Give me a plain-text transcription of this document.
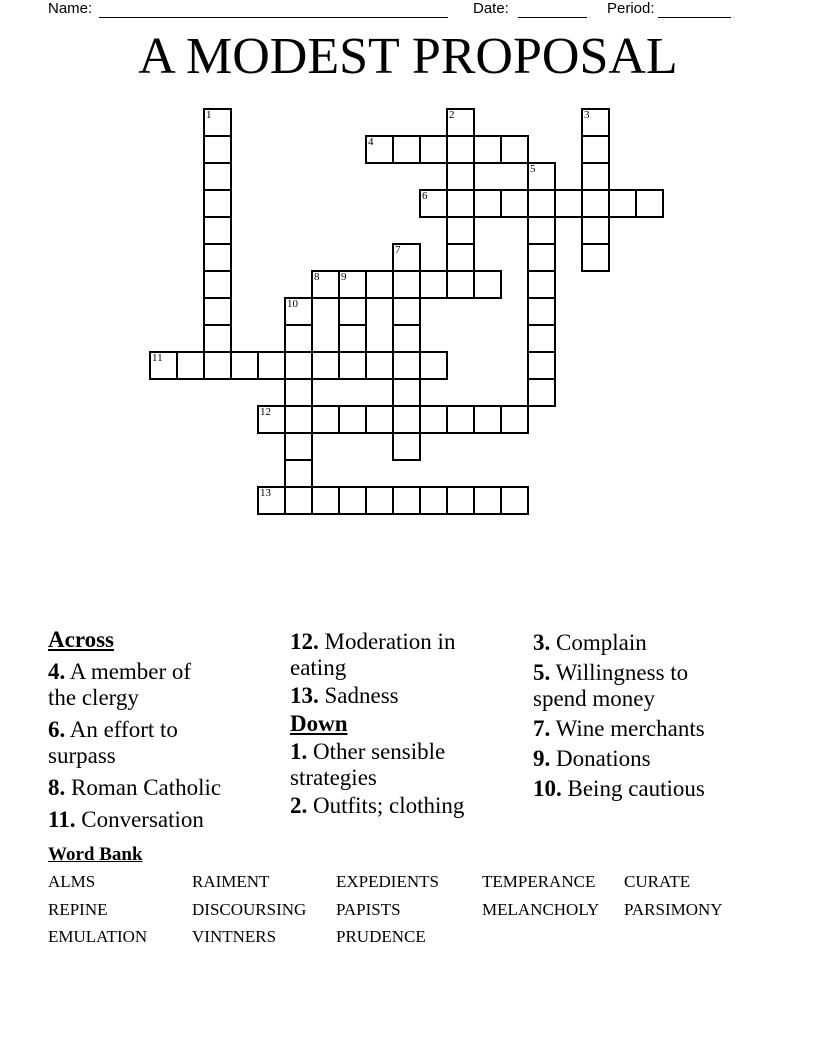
Name:	Date:	Period:
A MODEST PROPOSAL
1	2	3
4
5
6
7
8 9
10
11
12
13

Across

4. A member of
the clergy

6. An effort to
surpass

8. Roman Catholic

11. Conversation

12. Moderation in
eating

13. Sadness

Down

1. Other sensible
strategies

2. Outfits; clothing

3. Complain

5. Willingness to
spend money

7. Wine merchants

9. Donations

10. Being cautious

Word Bank
ALMS	RAIMENT	EXPEDIENTS	TEMPERANCE	CURATE
REPINE	DISCOURSING	PAPISTS	MELANCHOLY	PARSIMONY
EMULATION	VINTNERS	PRUDENCE
